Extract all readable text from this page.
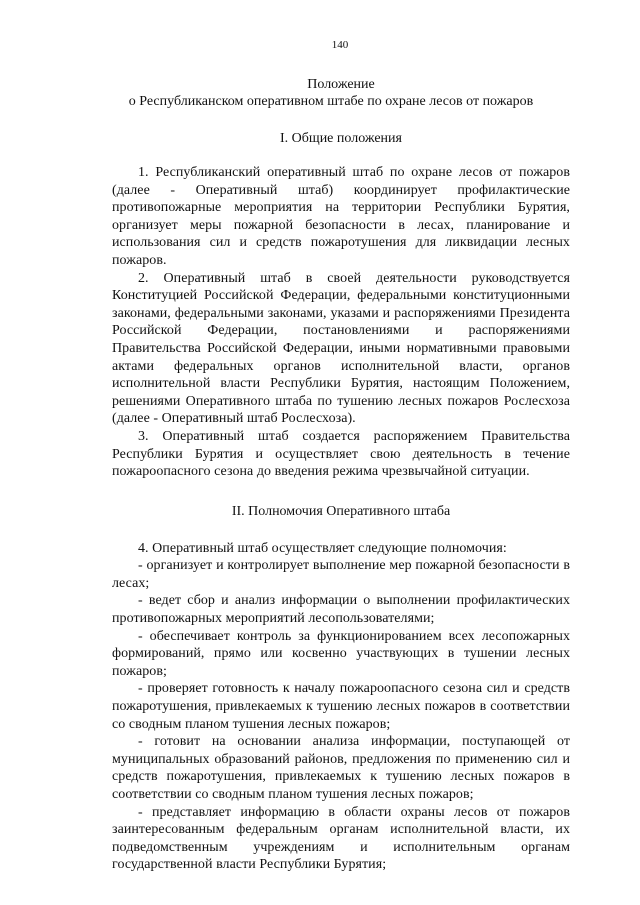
140
Положение
о Республиканском оперативном штабе по охране лесов от пожаров
I. Общие положения

1. Республиканский оперативный штаб по охране лесов от пожаров (далее - Оперативный штаб) координирует профилактические противопожарные мероприятия на территории Республики Бурятия, организует меры пожарной безопасности в лесах, планирование и использования сил и средств пожаротушения для ликвидации лесных пожаров.

2. Оперативный штаб в своей деятельности руководствуется Конституцией Российской Федерации, федеральными конституционными законами, федеральными законами, указами и распоряжениями Президента Российской Федерации, постановлениями и распоряжениями Правительства Российской Федерации, иными нормативными правовыми актами федеральных органов исполнительной власти, органов исполнительной власти Республики Бурятия, настоящим Положением, решениями Оперативного штаба по тушению лесных пожаров Рослесхоза (далее - Оперативный штаб Рослесхоза).

3. Оперативный штаб создается распоряжением Правительства Республики Бурятия и осуществляет свою деятельность в течение пожароопасного сезона до введения режима чрезвычайной ситуации.

II. Полномочия Оперативного штаба

4. Оперативный штаб осуществляет следующие полномочия:

- организует и контролирует выполнение мер пожарной безопасности в лесах;

- ведет сбор и анализ информации о выполнении профилактических противопожарных мероприятий лесопользователями;

- обеспечивает контроль за функционированием всех лесопожарных формирований, прямо или косвенно участвующих в тушении лесных пожаров;

- проверяет готовность к началу пожароопасного сезона сил и средств пожаротушения, привлекаемых к тушению лесных пожаров в соответствии со сводным планом тушения лесных пожаров;

- готовит на основании анализа информации, поступающей от муниципальных образований районов, предложения по применению сил и средств пожаротушения, привлекаемых к тушению лесных пожаров в соответствии со сводным планом тушения лесных пожаров;

- представляет информацию в области охраны лесов от пожаров заинтересованным федеральным органам исполнительной власти, их подведомственным учреждениям и исполнительным органам государственной власти Республики Бурятия;
